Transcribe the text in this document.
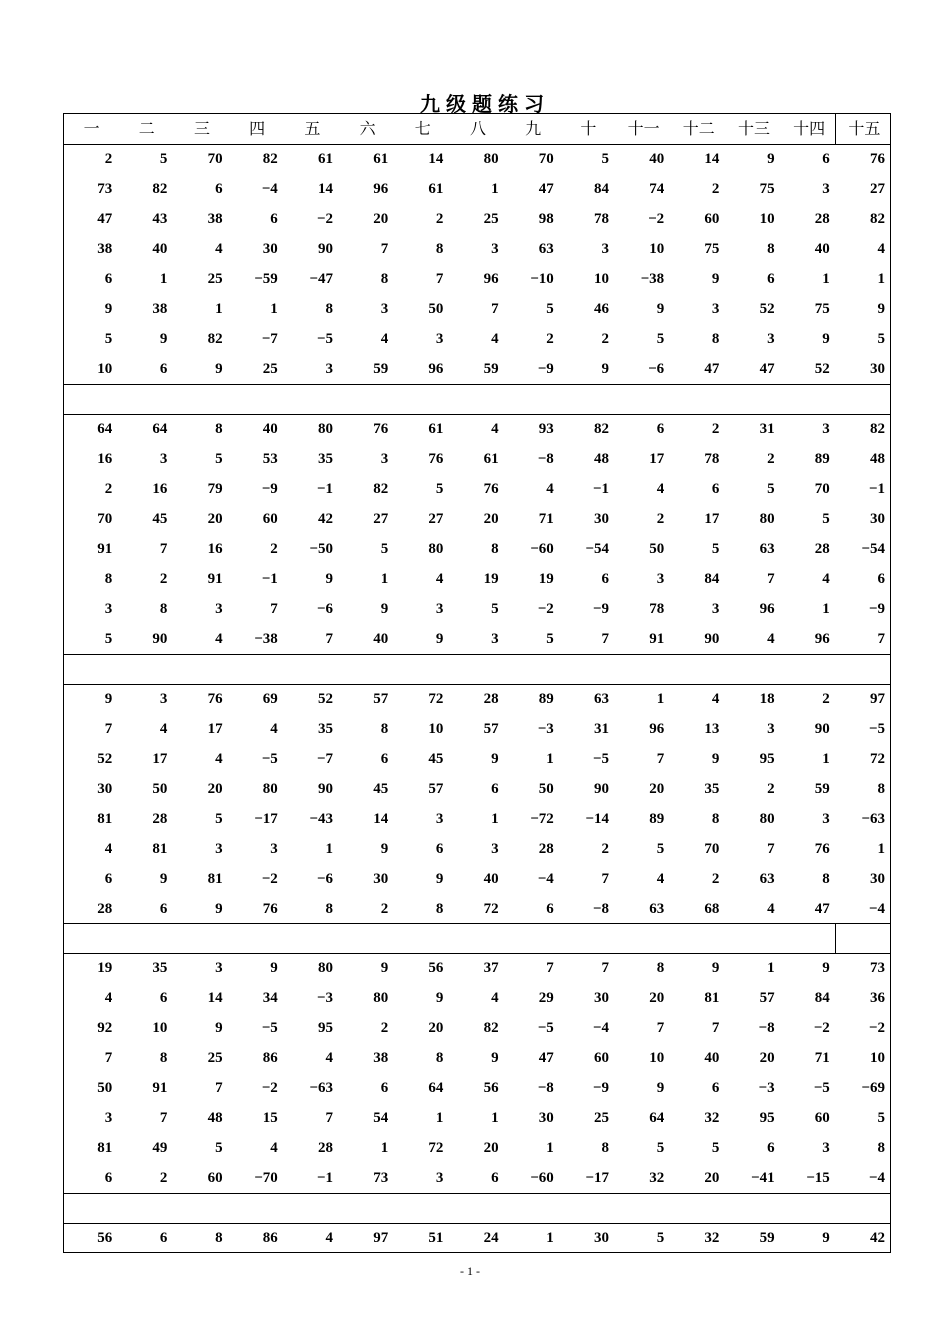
九级题练习
一	二	三	四	五	六	七	八	九	十	十一	十二	十三	十四	十五
2	5	70	82	61	61	14	80	70	5	40	14	9	6	76
73	82	6	−4	14	96	61	1	47	84	74	2	75	3	27
47	43	38	6	−2	20	2	25	98	78	−2	60	10	28	82
38	40	4	30	90	7	8	3	63	3	10	75	8	40	4
6	1	25	−59	−47	8	7	96	−10	10	−38	9	6	1	1
9	38	1	1	8	3	50	7	5	46	9	3	52	75	9
5	9	82	−7	−5	4	3	4	2	2	5	8	3	9	5
10	6	9	25	3	59	96	59	−9	9	−6	47	47	52	30
64	64	8	40	80	76	61	4	93	82	6	2	31	3	82
16	3	5	53	35	3	76	61	−8	48	17	78	2	89	48
2	16	79	−9	−1	82	5	76	4	−1	4	6	5	70	−1
70	45	20	60	42	27	27	20	71	30	2	17	80	5	30
91	7	16	2	−50	5	80	8	−60	−54	50	5	63	28	−54
8	2	91	−1	9	1	4	19	19	6	3	84	7	4	6
3	8	3	7	−6	9	3	5	−2	−9	78	3	96	1	−9
5	90	4	−38	7	40	9	3	5	7	91	90	4	96	7
9	3	76	69	52	57	72	28	89	63	1	4	18	2	97
7	4	17	4	35	8	10	57	−3	31	96	13	3	90	−5
52	17	4	−5	−7	6	45	9	1	−5	7	9	95	1	72
30	50	20	80	90	45	57	6	50	90	20	35	2	59	8
81	28	5	−17	−43	14	3	1	−72	−14	89	8	80	3	−63
4	81	3	3	1	9	6	3	28	2	5	70	7	76	1
6	9	81	−2	−6	30	9	40	−4	7	4	2	63	8	30
28	6	9	76	8	2	8	72	6	−8	63	68	4	47	−4
19	35	3	9	80	9	56	37	7	7	8	9	1	9	73
4	6	14	34	−3	80	9	4	29	30	20	81	57	84	36
92	10	9	−5	95	2	20	82	−5	−4	7	7	−8	−2	−2
7	8	25	86	4	38	8	9	47	60	10	40	20	71	10
50	91	7	−2	−63	6	64	56	−8	−9	9	6	−3	−5	−69
3	7	48	15	7	54	1	1	30	25	64	32	95	60	5
81	49	5	4	28	1	72	20	1	8	5	5	6	3	8
6	2	60	−70	−1	73	3	6	−60	−17	32	20	−41	−15	−4
56	6	8	86	4	97	51	24	1	30	5	32	59	9	42
- 1 -
